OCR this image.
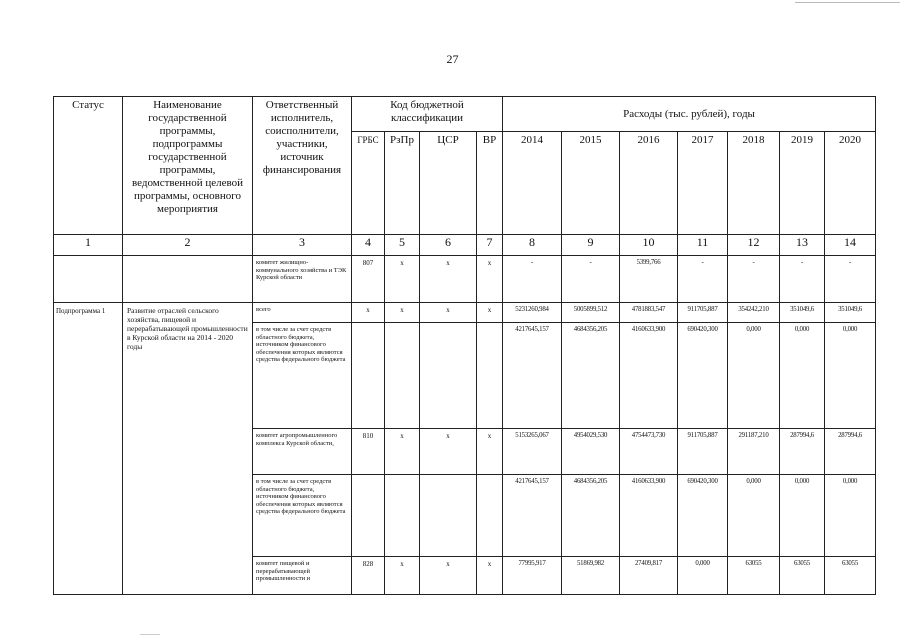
27
Статус	Наименование государственной программы, подпрограммы государственной программы, ведомственной целевой программы, основного мероприятия	Ответственный исполнитель, соисполнители, участники, источник финансирования	Код бюджетной классификации				Расходы (тыс. рублей), годы						
			ГРБС	РзПр	ЦСР	ВР	2014	2015	2016	2017	2018	2019	2020
1	2	3	4	5	6	7	8	9	10	11	12	13	14
		комитет жилищно-коммунального хозяйства и ТЭК Курской области	807	x	x	x	-	-	5399,766	-	-	-	-
Подпрограмма 1	Развитие отраслей сельского хозяйства, пищевой и перерабатывающей промышленности в Курской области на 2014 - 2020 годы	всего	x	x	x	x	5231260,984	5005899,512	4781883,547	911705,887	354242,210	351049,6	351049,6
		в том числе за счет средств областного бюджета, источником финансового обеспечения которых являются средства федерального бюджета					4217645,157	4684356,205	4160633,900	690420,300	0,000	0,000	0,000
		комитет агропромышленного комплекса Курской области,	810	x	x	x	5153265,067	4954029,530	4754473,730	911705,887	291187,210	287994,6	287994,6
		в том числе за счет средств областного бюджета, источником финансового обеспечения которых являются средства федерального бюджета					4217645,157	4684356,205	4160633,900	690420,300	0,000	0,000	0,000
		комитет пищевой и перерабатывающей промышленности и	828	x	x	x	77995,917	51869,982	27409,817	0,000	63055	63055	63055
